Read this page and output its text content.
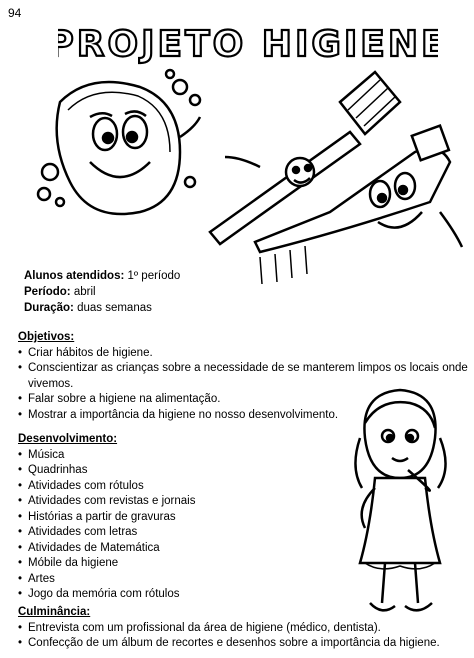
94
PROJETO HIGIENE
Alunos atendidos: 1º período
Período: abril
Duração: duas semanas
Objetivos:
• Criar hábitos de higiene.
• Conscientizar as crianças sobre a necessidade de se manterem limpos os locais onde vivemos.
• Falar sobre a higiene na alimentação.
• Mostrar a importância da higiene no nosso desenvolvimento.
Desenvolvimento:
• Música
• Quadrinhas
• Atividades com rótulos
• Atividades com revistas e jornais
• Histórias a partir de gravuras
• Atividades com letras
• Atividades de Matemática
• Móbile da higiene
• Artes
• Jogo da memória com rótulos
Culminância:
• Entrevista com um profissional da área de higiene (médico, dentista).
• Confecção de um álbum de recortes e desenhos sobre a importância da higiene.
